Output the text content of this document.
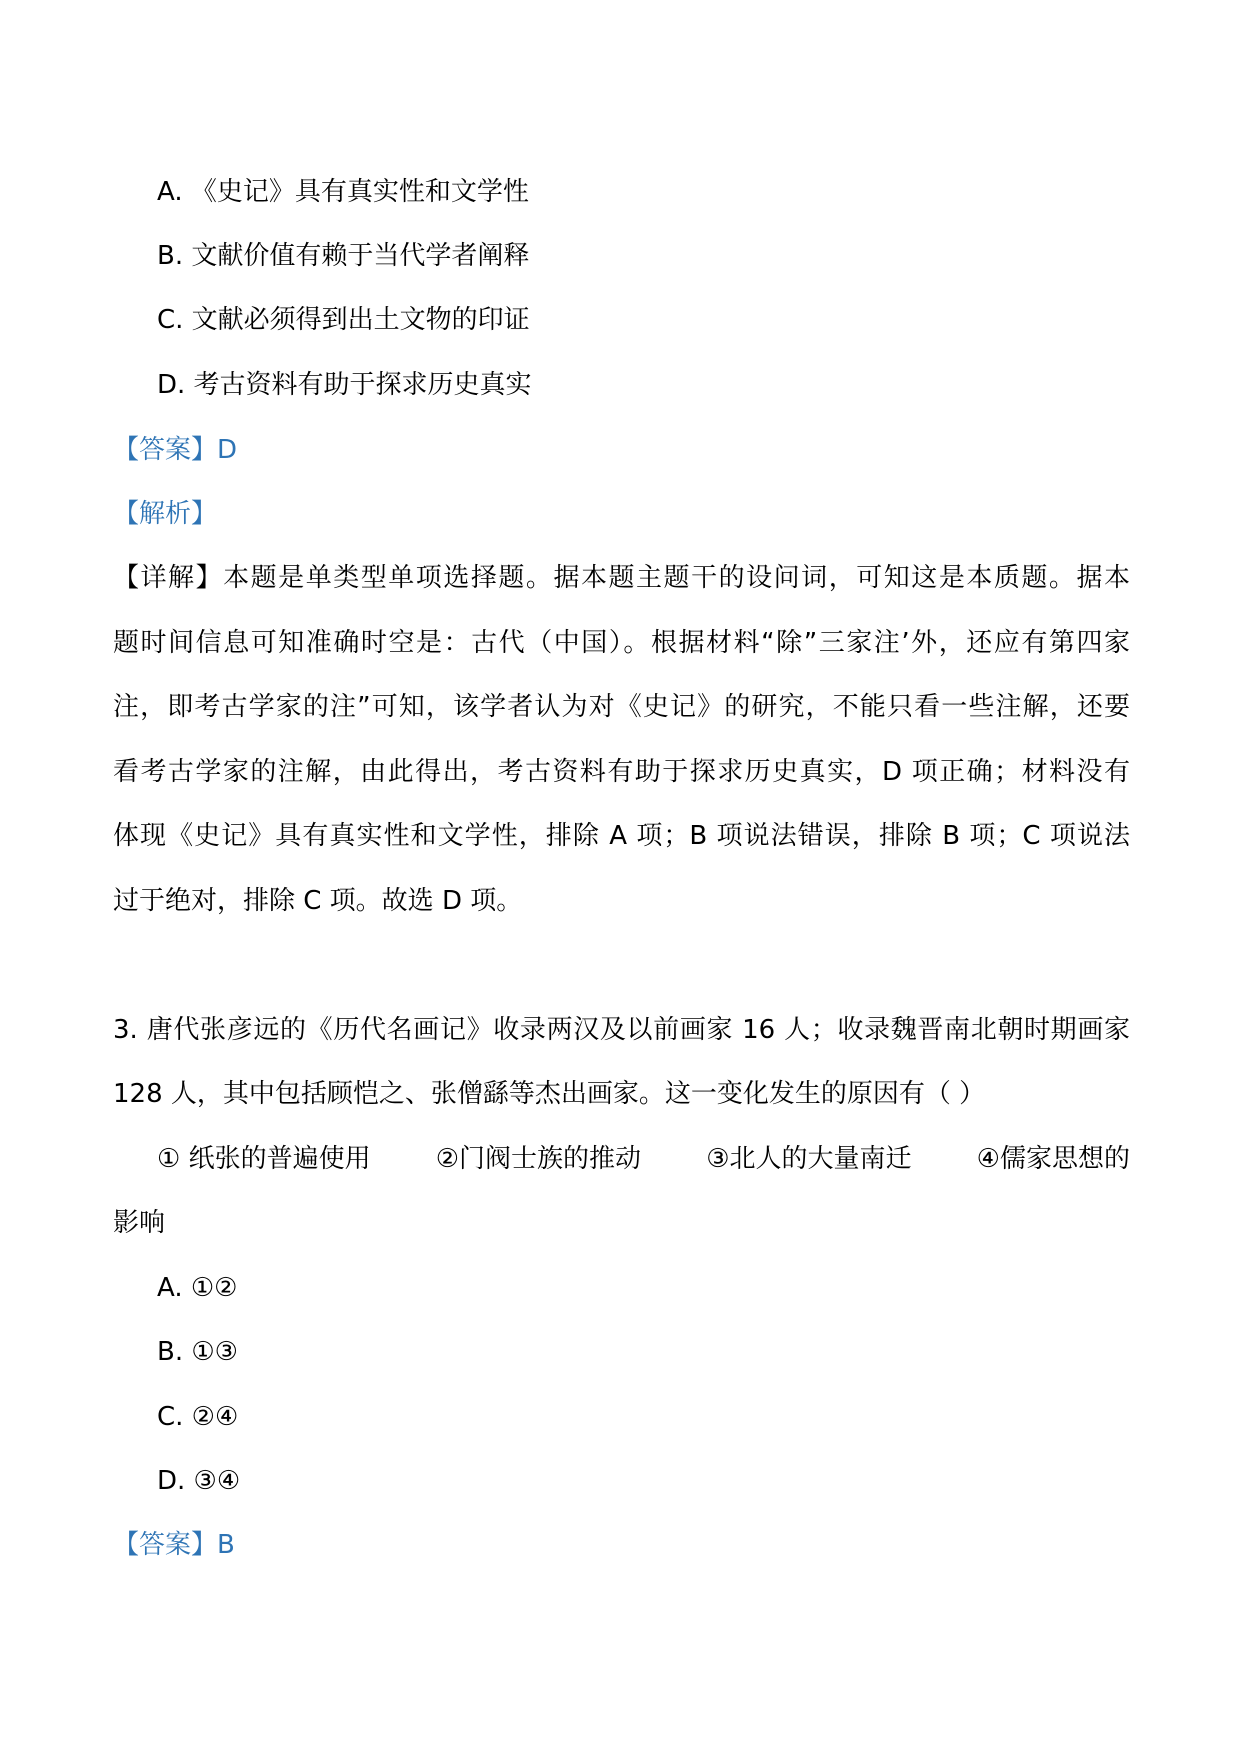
A. 《史记》具有真实性和文学性
B. 文献价值有赖于当代学者阐释
C. 文献必须得到出土文物的印证
D. 考古资料有助于探求历史真实
【答案】D
【解析】
【详解】本题是单类型单项选择题。据本题主题干的设问词，可知这是本质题。据本
题时间信息可知准确时空是：古代（中国）。根据材料“除”三家注’外，还应有第四家
注，即考古学家的注”可知，该学者认为对《史记》的研究，不能只看一些注解，还要
看考古学家的注解，由此得出，考古资料有助于探求历史真实，D 项正确；材料没有
体现《史记》具有真实性和文学性，排除 A 项；B 项说法错误，排除 B 项；C 项说法
过于绝对，排除 C 项。故选 D 项。
3. 唐代张彦远的《历代名画记》收录两汉及以前画家 16 人；收录魏晋南北朝时期画家
128 人，其中包括顾恺之、张僧繇等杰出画家。这一变化发生的原因有（ ）
① 纸张的普遍使用	②门阀士族的推动	③北人的大量南迁	④儒家思想的
影响
A. ①②
B. ①③
C. ②④
D. ③④
【答案】B
